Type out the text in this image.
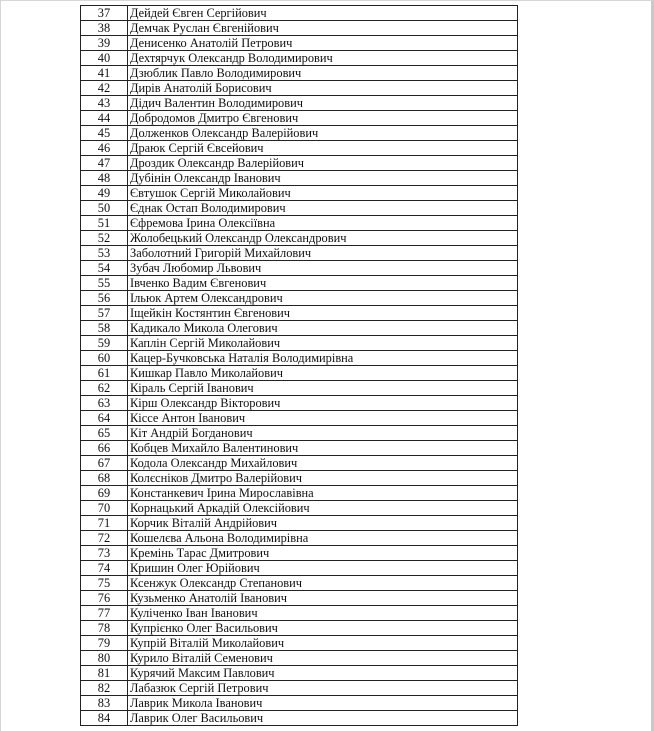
37	Дейдей Євген Сергійович
38	Демчак Руслан Євгенійович
39	Денисенко Анатолій Петрович
40	Дехтярчук Олександр Володимирович
41	Дзюблик Павло Володимирович
42	Дирів Анатолій Борисович
43	Дідич Валентин Володимирович
44	Добродомов Дмитро Євгенович
45	Долженков Олександр Валерійович
46	Драюк Сергій Євсейович
47	Дроздик Олександр Валерійович
48	Дубінін Олександр Іванович
49	Євтушок Сергій Миколайович
50	Єднак Остап Володимирович
51	Єфремова Ірина Олексіївна
52	Жолобецький Олександр Олександрович
53	Заболотний Григорій Михайлович
54	Зубач Любомир Львович
55	Івченко Вадим Євгенович
56	Ільюк Артем Олександрович
57	Іщейкін Костянтин Євгенович
58	Кадикало Микола Олегович
59	Каплін Сергій Миколайович
60	Кацер-Бучковська Наталія Володимирівна
61	Кишкар Павло Миколайович
62	Кіраль Сергій Іванович
63	Кірш Олександр Вікторович
64	Кіссе Антон Іванович
65	Кіт Андрій Богданович
66	Кобцев Михайло Валентинович
67	Кодола Олександр Михайлович
68	Колєсніков Дмитро Валерійович
69	Констанкевич Ірина Мирославівна
70	Корнацький Аркадій Олексійович
71	Корчик Віталій Андрійович
72	Кошелєва Альона Володимирівна
73	Кремінь Тарас Дмитрович
74	Кришин Олег Юрійович
75	Ксенжук Олександр Степанович
76	Кузьменко Анатолій Іванович
77	Куліченко Іван Іванович
78	Купрієнко Олег Васильович
79	Купрій Віталій Миколайович
80	Курило Віталій Семенович
81	Курячий Максим Павлович
82	Лабазюк Сергій Петрович
83	Лаврик Микола Іванович
84	Лаврик Олег Васильович
